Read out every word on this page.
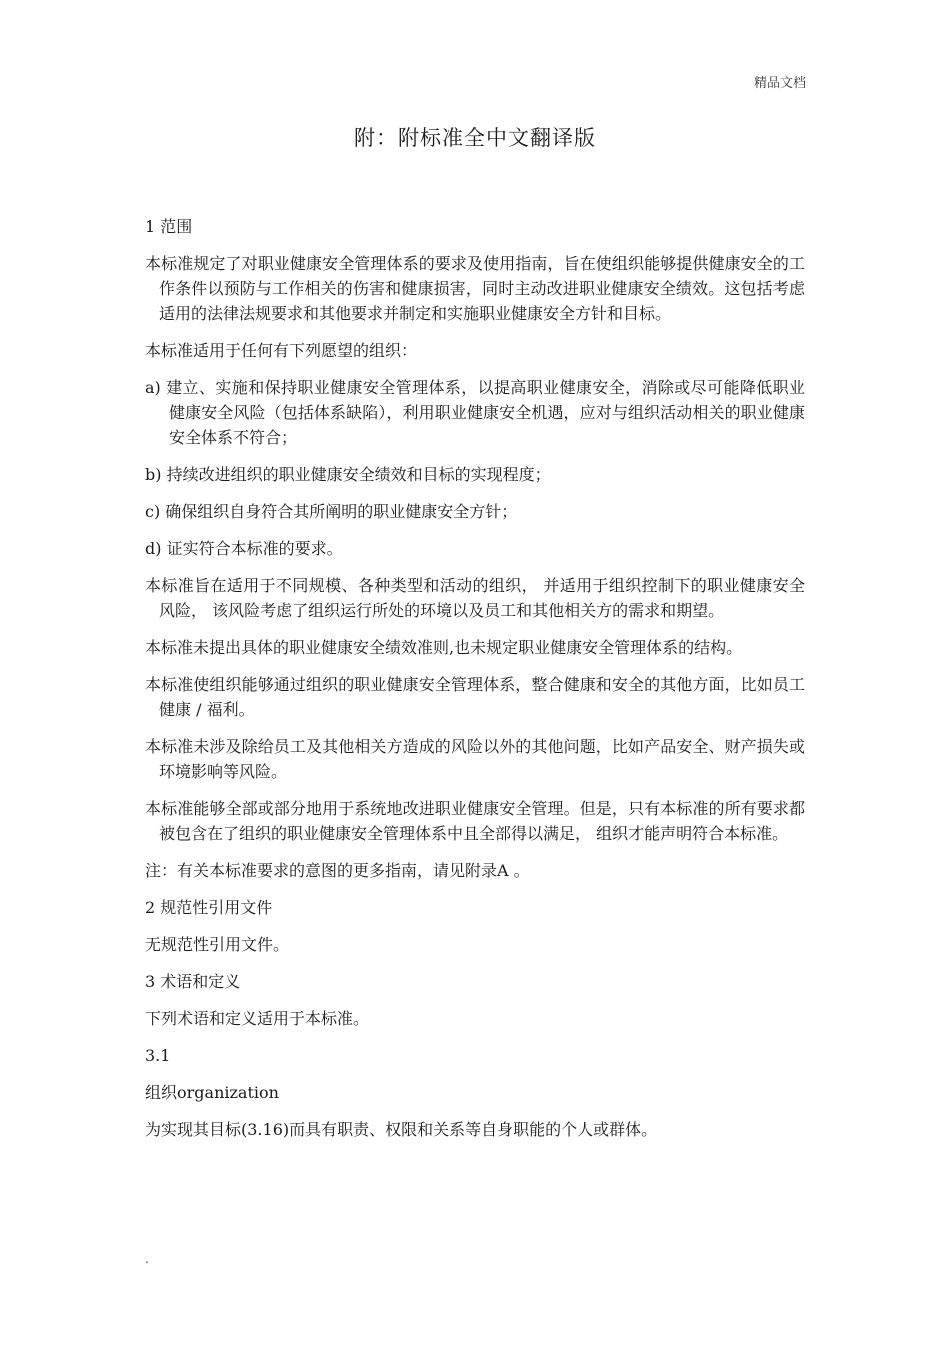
精品文档
附：附标准全中文翻译版

1 范围

本标准规定了对职业健康安全管理体系的要求及使用指南，旨在使组织能够提供健康安全的工作条件以预防与工作相关的伤害和健康损害，同时主动改进职业健康安全绩效。这包括考虑适用的法律法规要求和其他要求并制定和实施职业健康安全方针和目标。

本标准适用于任何有下列愿望的组织：

a) 建立、实施和保持职业健康安全管理体系，以提高职业健康安全，消除或尽可能降低职业健康安全风险（包括体系缺陷），利用职业健康安全机遇，应对与组织活动相关的职业健康安全体系不符合；

b) 持续改进组织的职业健康安全绩效和目标的实现程度；

c) 确保组织自身符合其所阐明的职业健康安全方针；

d) 证实符合本标准的要求。

本标准旨在适用于不同规模、各种类型和活动的组织， 并适用于组织控制下的职业健康安全风险， 该风险考虑了组织运行所处的环境以及员工和其他相关方的需求和期望。

本标准未提出具体的职业健康安全绩效准则,也未规定职业健康安全管理体系的结构。

本标准使组织能够通过组织的职业健康安全管理体系，整合健康和安全的其他方面，比如员工健康 / 福利。

本标准未涉及除给员工及其他相关方造成的风险以外的其他问题，比如产品安全、财产损失或环境影响等风险。

本标准能够全部或部分地用于系统地改进职业健康安全管理。但是，只有本标准的所有要求都被包含在了组织的职业健康安全管理体系中且全部得以满足， 组织才能声明符合本标准。

注：有关本标准要求的意图的更多指南，请见附录A 。

2 规范性引用文件

无规范性引用文件。

3 术语和定义

下列术语和定义适用于本标准。

3.1

组织organization

为实现其目标(3.16)而具有职责、权限和关系等自身职能的个人或群体。

.
